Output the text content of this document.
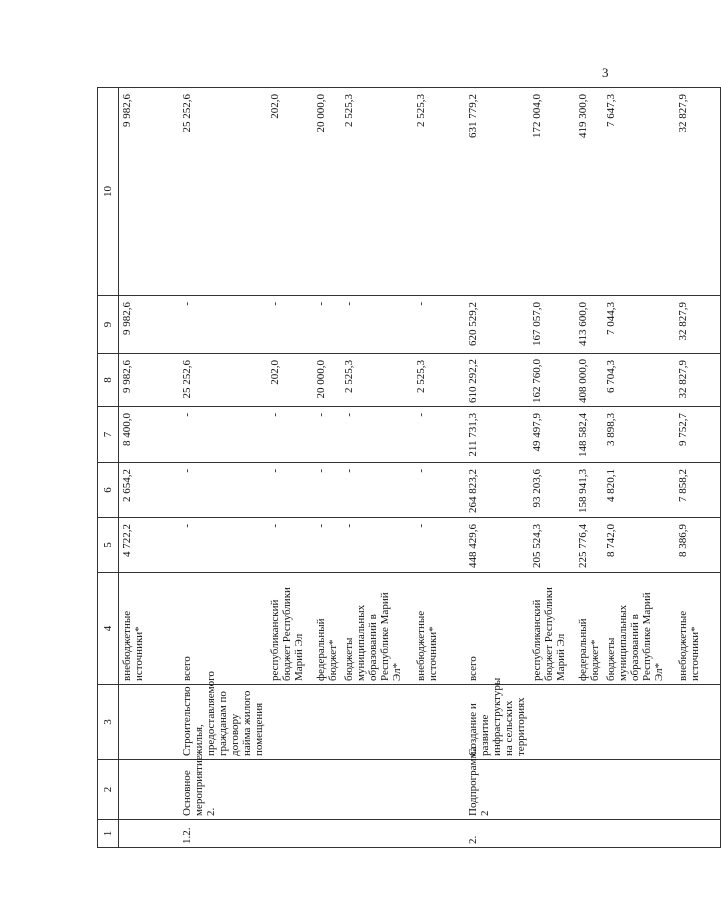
3
1	2	3	4	5	6	7	8	9	10
			внебюджетные источники*	4 722,2	2 654,2	8 400,0	9 982,6	9 982,6	9 982,6
1.2.	Основное мероприятие 2.	Строительство жилья, предоставляемого гражданам по договору найма жилого помещения	всего	-	-	-	25 252,6	-	25 252,6
			республиканский бюджет Республики Марий Эл	-	-	-	202,0	-	202,0
			федеральный бюджет*	-	-	-	20 000,0	-	20 000,0
			бюджеты муниципальных образований в Республике Марий Эл*	-	-	-	2 525,3	-	2 525,3
			внебюджетные источники*	-	-	-	2 525,3	-	2 525,3
2.	Подпрограмма 2	Создание и развитие инфраструктуры на сельских территориях	всего	448 429,6	264 823,2	211 731,3	610 292,2	620 529,2	631 779,2
			республиканский бюджет Республики Марий Эл	205 524,3	93 203,6	49 497,9	162 760,0	167 057,0	172 004,0
			федеральный бюджет*	225 776,4	158 941,3	148 582,4	408 000,0	413 600,0	419 300,0
			бюджеты муниципальных образований в Республике Марий Эл*	8 742,0	4 820,1	3 898,3	6 704,3	7 044,3	7 647,3
			внебюджетные источники*	8 386,9	7 858,2	9 752,7	32 827,9	32 827,9	32 827,9
